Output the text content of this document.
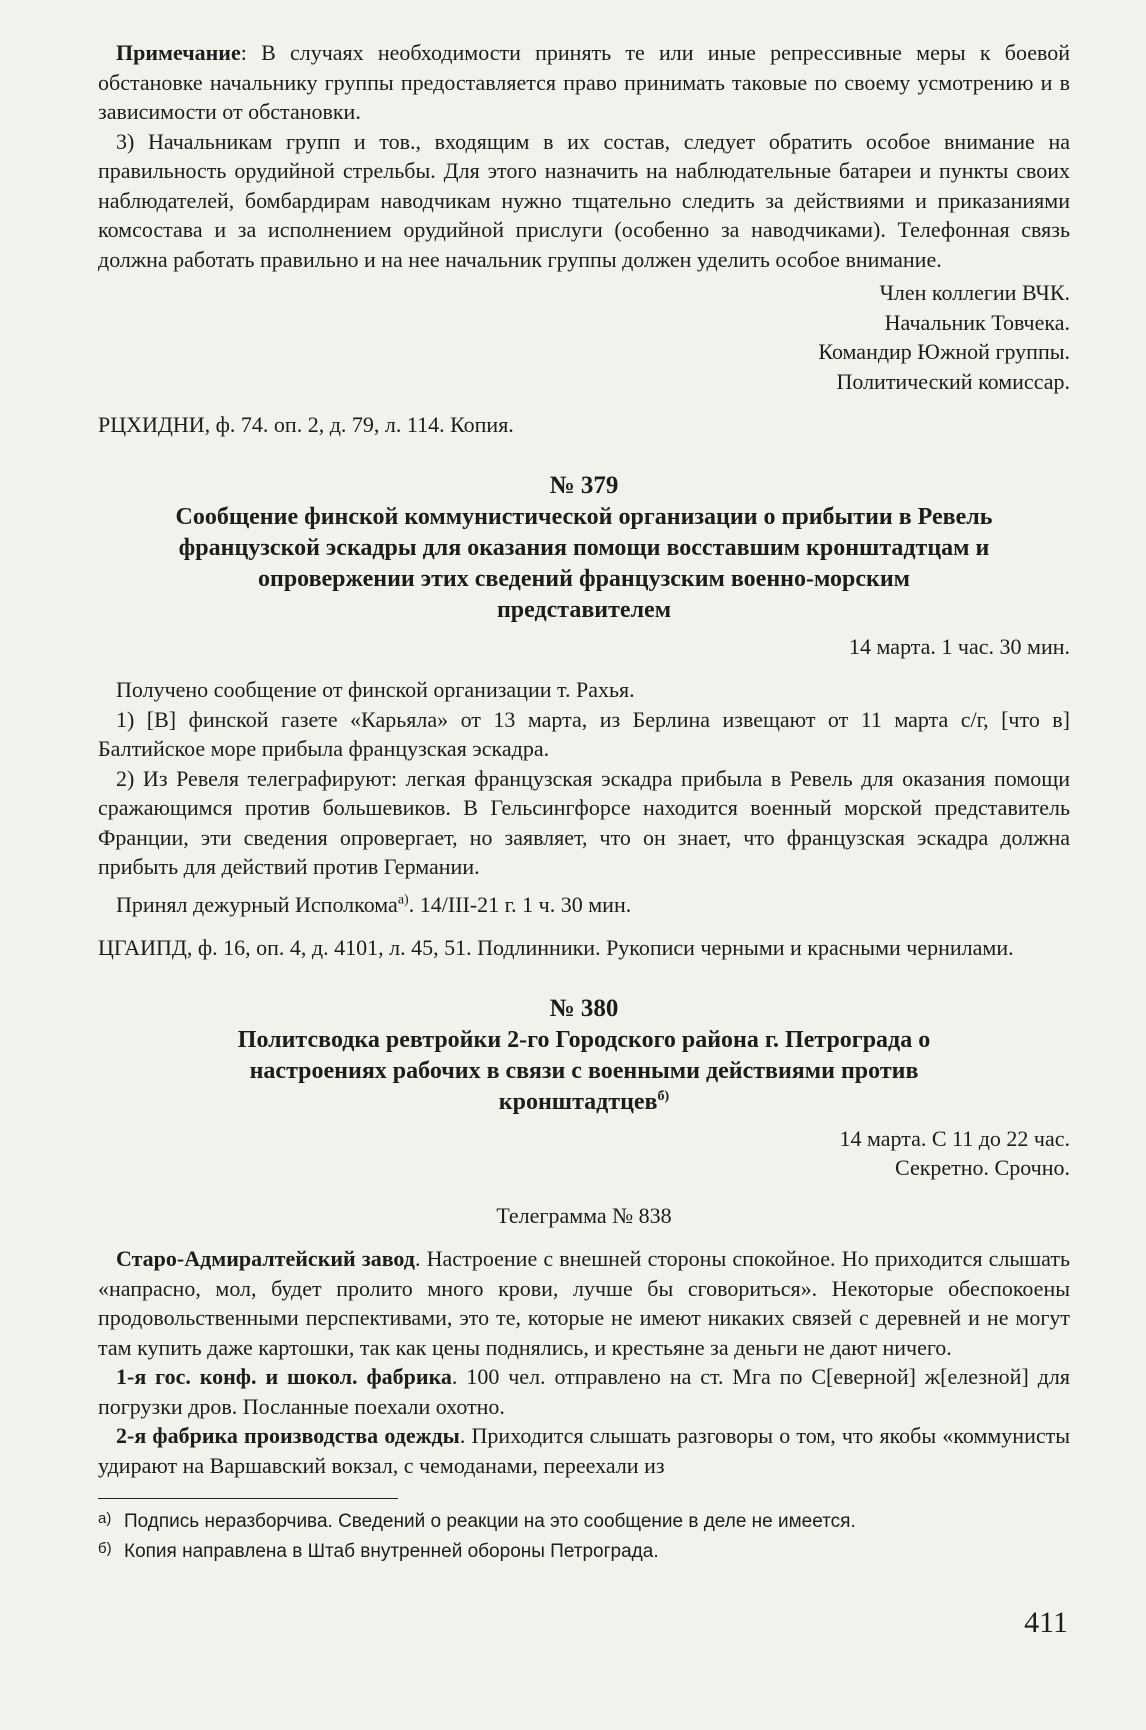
Примечание: В случаях необходимости принять те или иные репрессивные меры к боевой обстановке начальнику группы предоставляется право принимать таковые по своему усмотрению и в зависимости от обстановки.

3) Начальникам групп и тов., входящим в их состав, следует обратить особое внимание на правильность орудийной стрельбы. Для этого назначить на наблюдательные батареи и пункты своих наблюдателей, бомбардирам наводчикам нужно тщательно следить за действиями и приказаниями комсостава и за исполнением орудийной прислуги (особенно за наводчиками). Телефонная связь должна работать правильно и на нее начальник группы должен уделить особое внимание.

Член коллегии ВЧК.
Начальник Товчека.
Командир Южной группы.
Политический комиссар.

РЦХИДНИ, ф. 74. оп. 2, д. 79, л. 114. Копия.

№ 379
Сообщение финской коммунистической организации о прибытии в Ревель французской эскадры для оказания помощи восставшим кронштадтцам и опровержении этих сведений французским военно-морским представителем
14 марта. 1 час. 30 мин.

Получено сообщение от финской организации т. Рахья.

1) [В] финской газете «Карьяла» от 13 марта, из Берлина извещают от 11 марта с/г, [что в] Балтийское море прибыла французская эскадра.

2) Из Ревеля телеграфируют: легкая французская эскадра прибыла в Ревель для оказания помощи сражающимся против большевиков. В Гельсингфорсе находится военный морской представитель Франции, эти сведения опровергает, но заявляет, что он знает, что французская эскадра должна прибыть для действий против Германии.

Принял дежурный Исполкома$^{а)}$. 14/III-21 г. 1 ч. 30 мин.

ЦГАИПД, ф. 16, оп. 4, д. 4101, л. 45, 51. Подлинники. Рукописи черными и красными чернилами.

№ 380
Политсводка ревтройки 2-го Городского района г. Петрограда о настроениях рабочих в связи с военными действиями против кронштадтцев$^{б)}$
14 марта. С 11 до 22 час.
Секретно. Срочно.
Телеграмма № 838

Старо-Адмиралтейский завод. Настроение с внешней стороны спокойное. Но приходится слышать «напрасно, мол, будет пролито много крови, лучше бы сговориться». Некоторые обеспокоены продовольственными перспективами, это те, которые не имеют никаких связей с деревней и не могут там купить даже картошки, так как цены поднялись, и крестьяне за деньги не дают ничего.

1-я гос. конф. и шокол. фабрика. 100 чел. отправлено на ст. Мга по С[еверной] ж[елезной] для погрузки дров. Посланные поехали охотно.

2-я фабрика производства одежды. Приходится слышать разговоры о том, что якобы «коммунисты удирают на Варшавский вокзал, с чемоданами, переехали из

а) Подпись неразборчива. Сведений о реакции на это сообщение в деле не имеется.
б) Копия направлена в Штаб внутренней обороны Петрограда.
411
